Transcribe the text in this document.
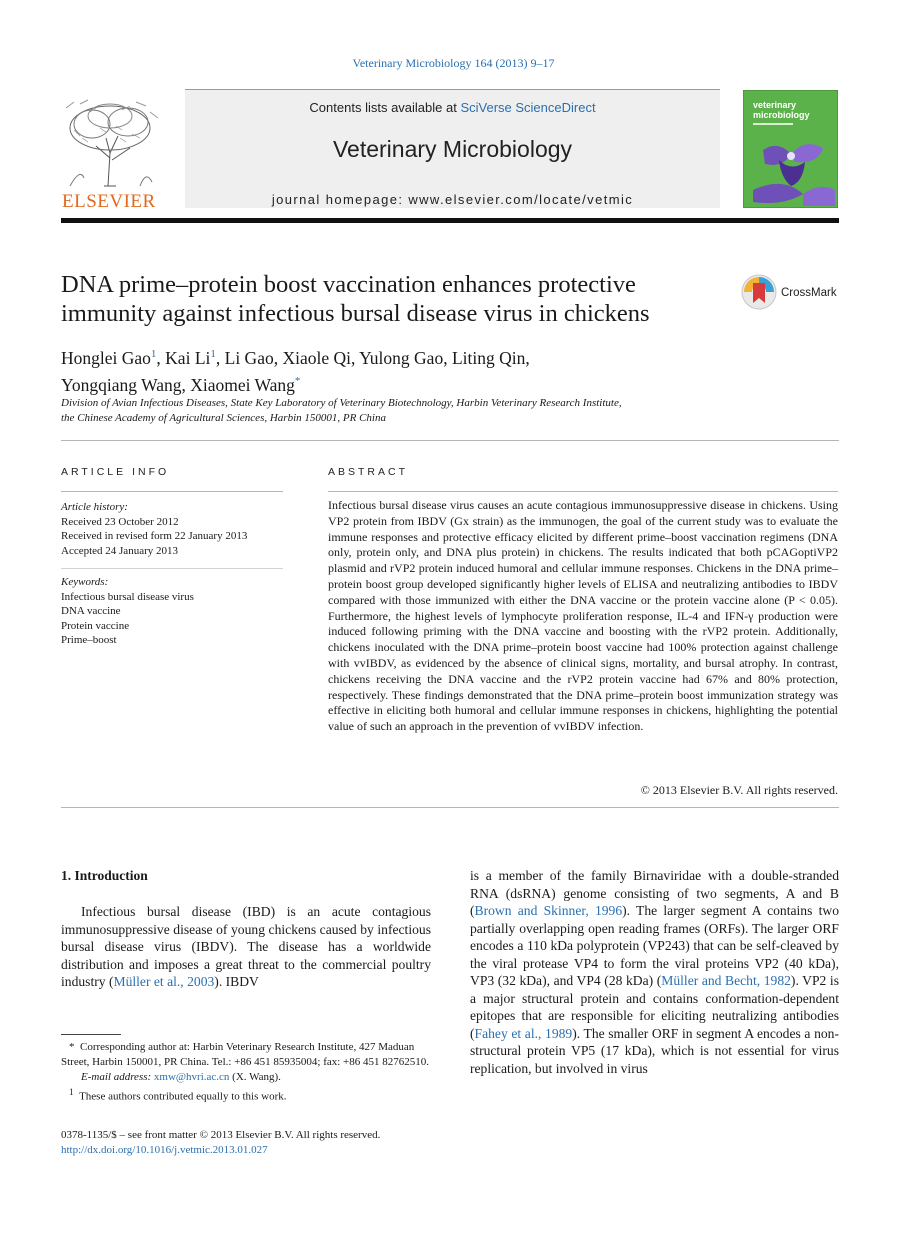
Veterinary Microbiology 164 (2013) 9–17
Contents lists available at SciVerse ScienceDirect
Veterinary Microbiology
journal homepage: www.elsevier.com/locate/vetmic
ELSEVIER
veterinary
microbiology
DNA prime–protein boost vaccination enhances protective
immunity against infectious bursal disease virus in chickens
CrossMark
Honglei Gao$^1$, Kai Li$^1$, Li Gao, Xiaole Qi, Yulong Gao, Liting Qin,
Yongqiang Wang, Xiaomei Wang*
Division of Avian Infectious Diseases, State Key Laboratory of Veterinary Biotechnology, Harbin Veterinary Research Institute,
the Chinese Academy of Agricultural Sciences, Harbin 150001, PR China
ARTICLE INFO
Article history:
Received 23 October 2012
Received in revised form 22 January 2013
Accepted 24 January 2013
Keywords:
Infectious bursal disease virus
DNA vaccine
Protein vaccine
Prime–boost
ABSTRACT
Infectious bursal disease virus causes an acute contagious immunosuppressive disease in chickens. Using VP2 protein from IBDV (Gx strain) as the immunogen, the goal of the current study was to evaluate the immune responses and protective efficacy elicited by different prime–boost vaccination regimens (DNA only, protein only, and DNA plus protein) in chickens. The results indicated that both pCAGoptiVP2 plasmid and rVP2 protein induced humoral and cellular immune responses. Chickens in the DNA prime–protein boost group developed significantly higher levels of ELISA and neutralizing antibodies to IBDV compared with those immunized with either the DNA vaccine or the protein vaccine alone (P < 0.05). Furthermore, the highest levels of lymphocyte proliferation response, IL-4 and IFN-γ production were induced following priming with the DNA vaccine and boosting with the rVP2 protein. Additionally, chickens inoculated with the DNA prime–protein boost vaccine had 100% protection against challenge with vvIBDV, as evidenced by the absence of clinical signs, mortality, and bursal atrophy. In contrast, chickens receiving the DNA vaccine and the rVP2 protein vaccine had 67% and 80% protection, respectively. These findings demonstrated that the DNA prime–protein boost immunization strategy was effective in eliciting both humoral and cellular immune responses in chickens, highlighting the potential value of such an approach in the prevention of vvIBDV infection.
© 2013 Elsevier B.V. All rights reserved.
1. Introduction

Infectious bursal disease (IBD) is an acute contagious immunosuppressive disease of young chickens caused by infectious bursal disease virus (IBDV). The disease has a worldwide distribution and imposes a great threat to the commercial poultry industry (Müller et al., 2003). IBDV

is a member of the family Birnaviridae with a double-stranded RNA (dsRNA) genome consisting of two segments, A and B (Brown and Skinner, 1996). The larger segment A contains two partially overlapping open reading frames (ORFs). The larger ORF encodes a 110 kDa polyprotein (VP243) that can be self-cleaved by the viral protease VP4 to form the viral proteins VP2 (40 kDa), VP3 (32 kDa), and VP4 (28 kDa) (Müller and Becht, 1982). VP2 is a major structural protein and contains conformation-dependent epitopes that are responsible for eliciting neutralizing antibodies (Fahey et al., 1989). The smaller ORF in segment A encodes a non-structural protein VP5 (17 kDa), which is not essential for virus replication, but involved in virus

* Corresponding author at: Harbin Veterinary Research Institute, 427 Maduan Street, Harbin 150001, PR China. Tel.: +86 451 85935004; fax: +86 451 82762510.
E-mail address: xmw@hvri.ac.cn (X. Wang).
$^1$ These authors contributed equally to this work.
0378-1135/$ – see front matter © 2013 Elsevier B.V. All rights reserved.
http://dx.doi.org/10.1016/j.vetmic.2013.01.027
